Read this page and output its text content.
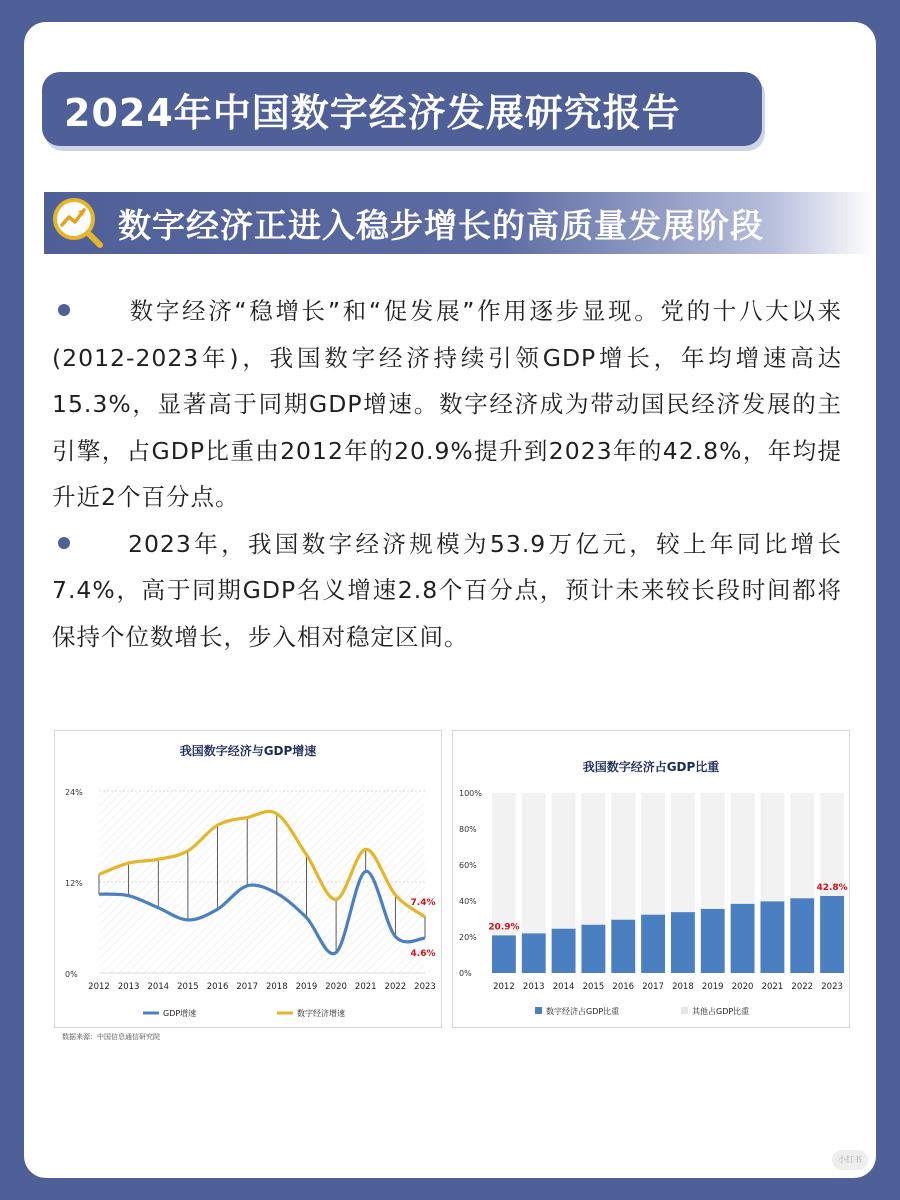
2024年中国数字经济发展研究报告
数字经济正进入稳步增长的高质量发展阶段

数字经济“稳增长”和“促发展”作用逐步显现。党的十八大以来(2012-2023年)，我国数字经济持续引领GDP增长，年均增速高达15.3%，显著高于同期GDP增速。数字经济成为带动国民经济发展的主引擎，占GDP比重由2012年的20.9%提升到2023年的42.8%，年均提升近2个百分点。

2023年，我国数字经济规模为53.9万亿元，较上年同比增长7.4%，高于同期GDP名义增速2.8个百分点，预计未来较长段时间都将保持个位数增长，步入相对稳定区间。

我国数字经济与GDP增速
0%
12%
24%
2012 2013 2014 2015 2016 2017 2018 2019 2020 2021 2022 2023
7.4%
4.6%
GDP增速	数字经济增速
我国数字经济占GDP比重
0%
20%
40%
60%
80%
100%
2012 2013 2014 2015 2016 2017 2018 2019 2020 2021 2022 2023
20.9%
42.8%
数字经济占GDP比重	其他占GDP比重
数据来源：中国信息通信研究院
小红书
